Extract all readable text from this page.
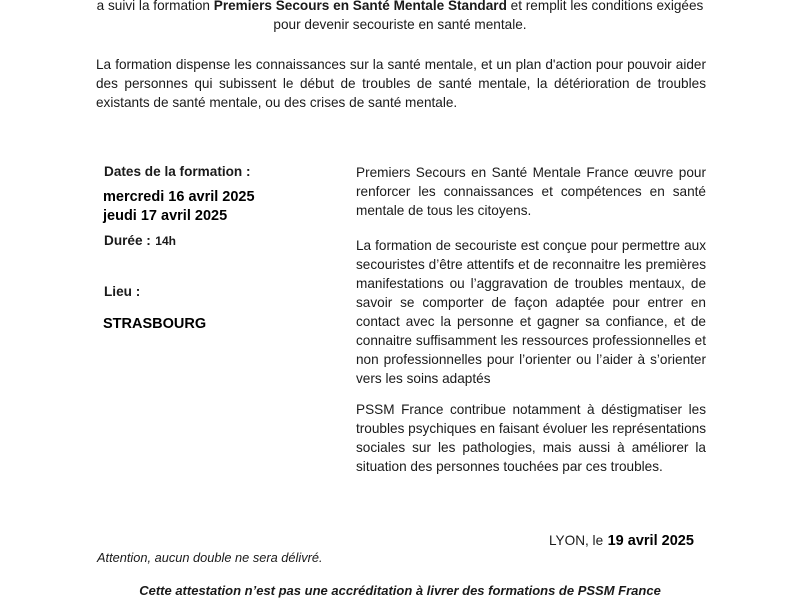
a suivi la formation Premiers Secours en Santé Mentale Standard et remplit les conditions exigées
pour devenir secouriste en santé mentale.
La formation dispense les connaissances sur la santé mentale, et un plan d'action pour pouvoir aider des personnes qui subissent le début de troubles de santé mentale, la détérioration de troubles existants de santé mentale, ou des crises de santé mentale.
Dates de la formation :
mercredi 16 avril 2025
jeudi 17 avril 2025
Durée : 14h
Lieu :
STRASBOURG
Premiers Secours en Santé Mentale France œuvre pour renforcer les connaissances et compétences en santé mentale de tous les citoyens.
La formation de secouriste est conçue pour permettre aux secouristes d’être attentifs et de reconnaitre les premières manifestations ou l’aggravation de troubles mentaux, de savoir se comporter de façon adaptée pour entrer en contact avec la personne et gagner sa confiance, et de connaitre suffisamment les ressources professionnelles et non professionnelles pour l’orienter ou l’aider à s’orienter vers les soins adaptés
PSSM France contribue notamment à déstigmatiser les troubles psychiques en faisant évoluer les représentations sociales sur les pathologies, mais aussi à améliorer la situation des personnes touchées par ces troubles.
LYON, le 19 avril 2025
Attention, aucun double ne sera délivré.
Cette attestation n’est pas une accréditation à livrer des formations de PSSM France
